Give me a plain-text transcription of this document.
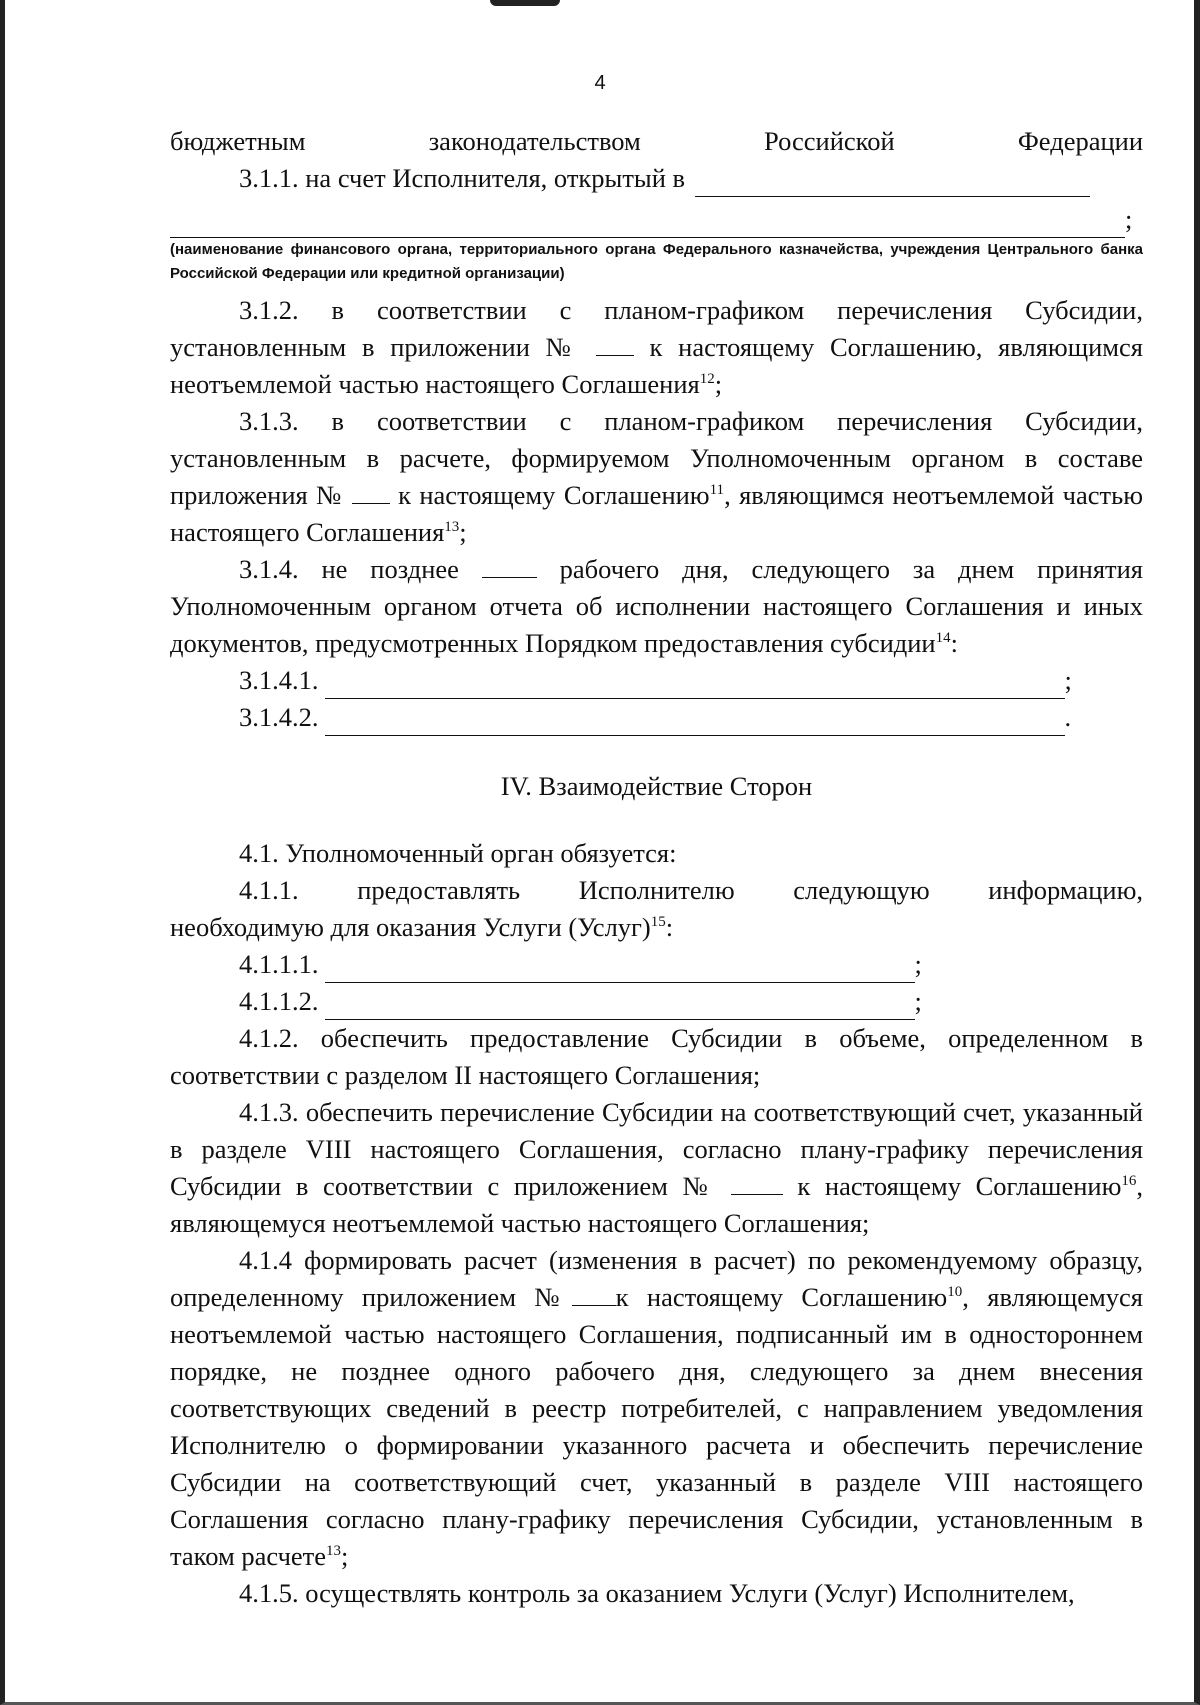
4

бюджетным	законодательством	Российской	Федерации

3.1.1. на счет Исполнителя, открытый в
;

(наименование финансового органа, территориального органа Федерального казначейства, учреждения Центрального банка Российской Федерации или кредитной организации)

3.1.2. в соответствии с планом-графиком перечисления Субсидии, установленным в приложении №  к настоящему Соглашению, являющимся неотъемлемой частью настоящего Соглашения$^{12}$;

3.1.3. в соответствии с планом-графиком перечисления Субсидии, установленным в расчете, формируемом Уполномоченным органом в составе приложения №  к настоящему Соглашению$^{11}$, являющимся неотъемлемой частью настоящего Соглашения$^{13}$;

3.1.4. не позднее	рабочего дня, следующего за днем принятия Уполномоченным органом отчета об исполнении настоящего Соглашения и иных документов, предусмотренных Порядком предоставления субсидии$^{14}$:

3.1.4.1.	;
3.1.4.2.	.

IV. Взаимодействие Сторон

4.1. Уполномоченный орган обязуется:

4.1.1. предоставлять Исполнителю следующую информацию,

необходимую для оказания Услуги (Услуг)$^{15}$:

4.1.1.1.	;
4.1.1.2.	;

4.1.2. обеспечить предоставление Субсидии в объеме, определенном в соответствии с разделом II настоящего Соглашения;

4.1.3. обеспечить перечисление Субсидии на соответствующий счет, указанный в разделе VIII настоящего Соглашения, согласно плану-графику перечисления Субсидии в соответствии с приложением №	к настоящему Соглашению$^{16}$, являющемуся неотъемлемой частью настоящего Соглашения;

4.1.4 формировать расчет (изменения в расчет) по рекомендуемому образцу, определенному приложением № к настоящему Соглашению$^{10}$, являющемуся неотъемлемой частью настоящего Соглашения, подписанный им в одностороннем порядке, не позднее одного рабочего дня, следующего за днем внесения соответствующих сведений в реестр потребителей, с направлением уведомления Исполнителю о формировании указанного расчета и обеспечить перечисление Субсидии на соответствующий счет, указанный в разделе VIII настоящего Соглашения согласно плану-графику перечисления Субсидии, установленным в таком расчете$^{13}$;

4.1.5. осуществлять контроль за оказанием Услуги (Услуг) Исполнителем,
